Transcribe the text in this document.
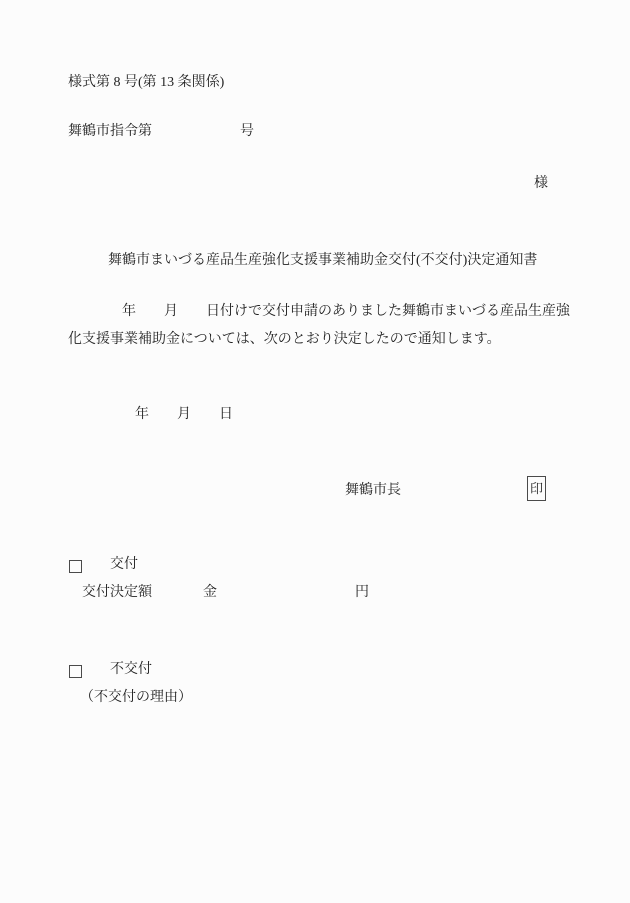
様式第 8 号(第 13 条関係)
舞鶴市指令第	号
様
舞鶴市まいづる産品生産強化支援事業補助金交付(不交付)決定通知書
年　　月　　日付けで交付申請のありました舞鶴市まいづる産品生産強
化支援事業補助金については、次のとおり決定したので通知します。
年　　月　　日
舞鶴市長	印
交付
交付決定額	金	円
不交付
（不交付の理由）
